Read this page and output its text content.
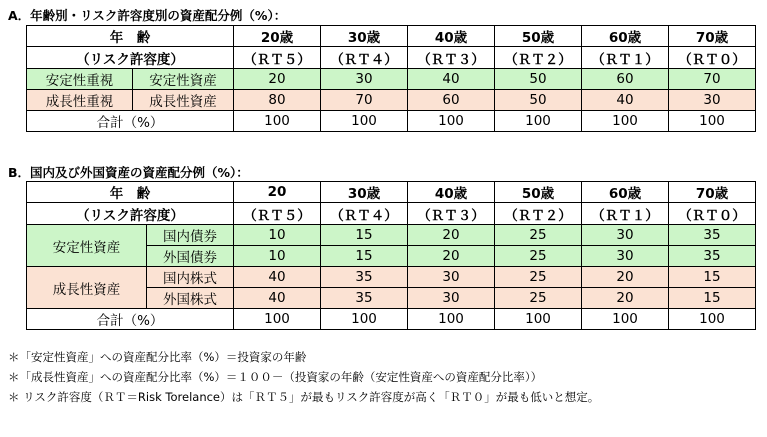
A．年齢別・リスク許容度別の資産配分例（%）：
年　齢		20歳	30歳	40歳	50歳	60歳	70歳
（リスク許容度）		（ＲＴ５）	（ＲＴ４）	（ＲＴ３）	（ＲＴ２）	（ＲＴ１）	（ＲＴ０）
安定性重視	安定性資産	20	30	40	50	60	70
成長性重視	成長性資産	80	70	60	50	40	30
合計（%）		100	100	100	100	100	100
B．国内及び外国資産の資産配分例（%）：
年　齢		20	30歳	40歳	50歳	60歳	70歳
（リスク許容度）		（ＲＴ５）	（ＲＴ４）	（ＲＴ３）	（ＲＴ２）	（ＲＴ１）	（ＲＴ０）
安定性資産	国内債券	10	15	20	25	30	35
	外国債券	10	15	20	25	30	35
成長性資産	国内株式	40	35	30	25	20	15
	外国株式	40	35	30	25	20	15
合計（%）		100	100	100	100	100	100
＊「安定性資産」への資産配分比率（%）＝投資家の年齢
＊「成長性資産」への資産配分比率（%）＝１００－（投資家の年齢（安定性資産への資産配分比率））
＊ リスク許容度（ＲＴ＝Risk Torelance）は「ＲＴ５」が最もリスク許容度が高く「ＲＴ０」が最も低いと想定。
